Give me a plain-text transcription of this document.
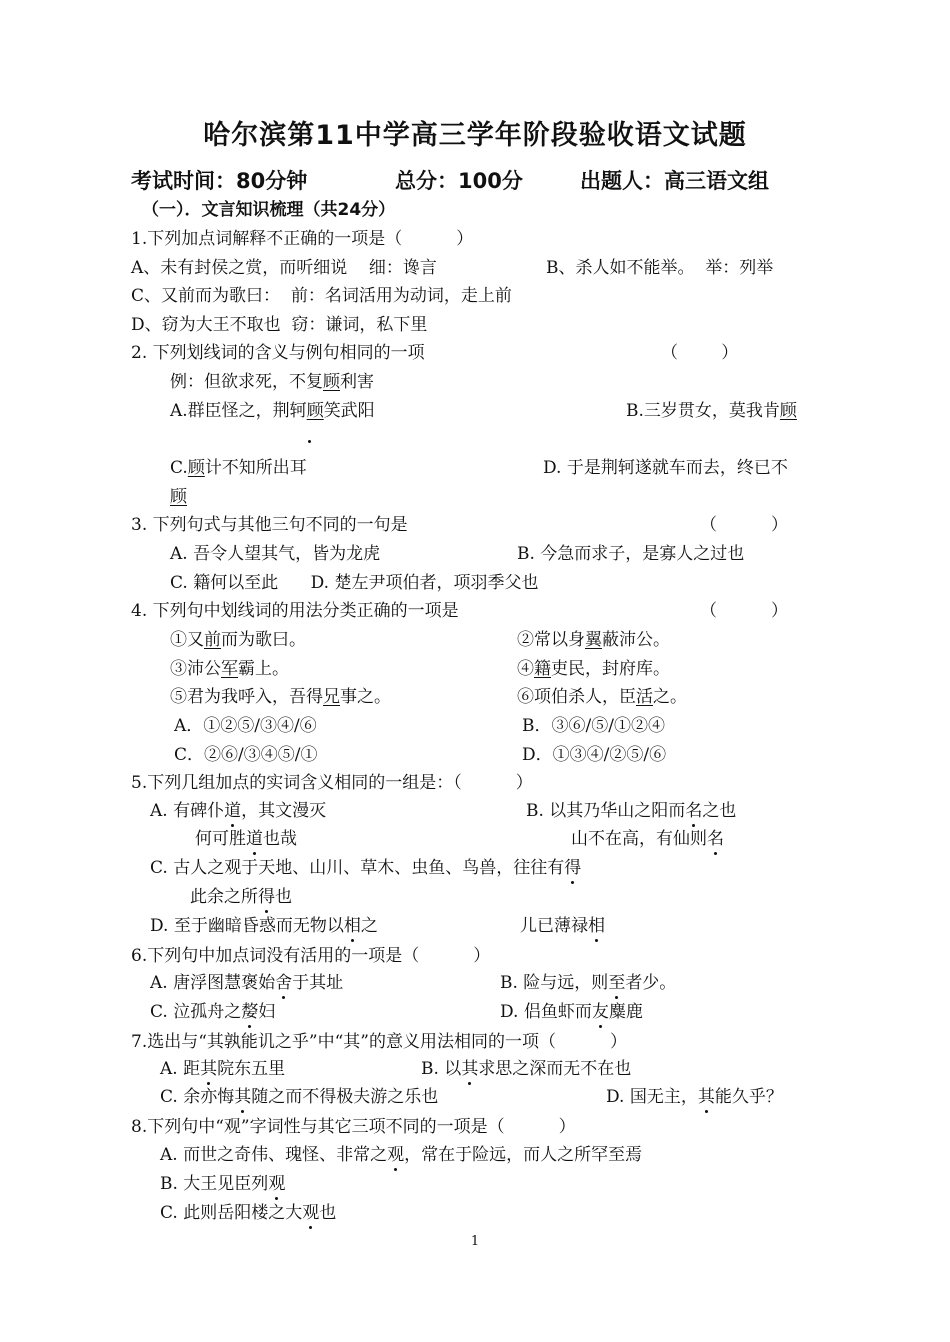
哈尔滨第11中学高三学年阶段验收语文试题

考试时间：80分钟

	总分：100分

	出题人：高三语文组

（一）．文言知识梳理（共24分）
1.下列加点词解释不正确的一项是（          ）
A、未有封侯之赏，而听细说    细：谗言	B、杀人如不能举。  举：列举
C、又前而为歌曰：  前：名词活用为动词，走上前
D、窃为大王不取也  窃：谦词，私下里
2. 下列划线词的含义与例句相同的一项	（        ）
例：但欲求死，不复顾利害
A.群臣怪之，荆轲顾笑武阳	B.三岁贯女，莫我肯顾
C.顾计不知所出耳	D. 于是荆轲遂就车而去，终已不
顾
3. 下列句式与其他三句不同的一句是	（          ）
A. 吾令人望其气，皆为龙虎	B. 今急而求子，是寡人之过也
C. 籍何以至此      D. 楚左尹项伯者，项羽季父也
4. 下列句中划线词的用法分类正确的一项是	（          ）
①又前而为歌曰。	②常以身翼蔽沛公。
③沛公军霸上。	④籍吏民，封府库。
⑤君为我呼入，吾得兄事之。	⑥项伯杀人，臣活之。
A．①②⑤/③④/⑥	B．③⑥/⑤/①②④
C．②⑥/③④⑤/①	D．①③④/②⑤/⑥
5.下列几组加点的实词含义相同的一组是：（          ）
A. 有碑仆道，其文漫灭	B. 以其乃华山之阳而名之也
何可胜道也哉	山不在高，有仙则名
C. 古人之观于天地、山川、草木、虫鱼、鸟兽，往往有得
此余之所得也
D. 至于幽暗昏惑而无物以相之	儿已薄禄相
6.下列句中加点词没有活用的一项是（          ）
A. 唐浮图慧褒始舍于其址	B. 险与远，则至者少。
C. 泣孤舟之嫠妇	D. 侣鱼虾而友麋鹿
7.选出与“其孰能讥之乎”中“其”的意义用法相同的一项（          ）
A. 距其院东五里	B. 以其求思之深而无不在也
C. 余亦悔其随之而不得极夫游之乐也	D. 国无主，其能久乎？
8.下列句中“观”字词性与其它三项不同的一项是（          ）
A. 而世之奇伟、瑰怪、非常之观，常在于险远，而人之所罕至焉
B. 大王见臣列观
C. 此则岳阳楼之大观也
1
